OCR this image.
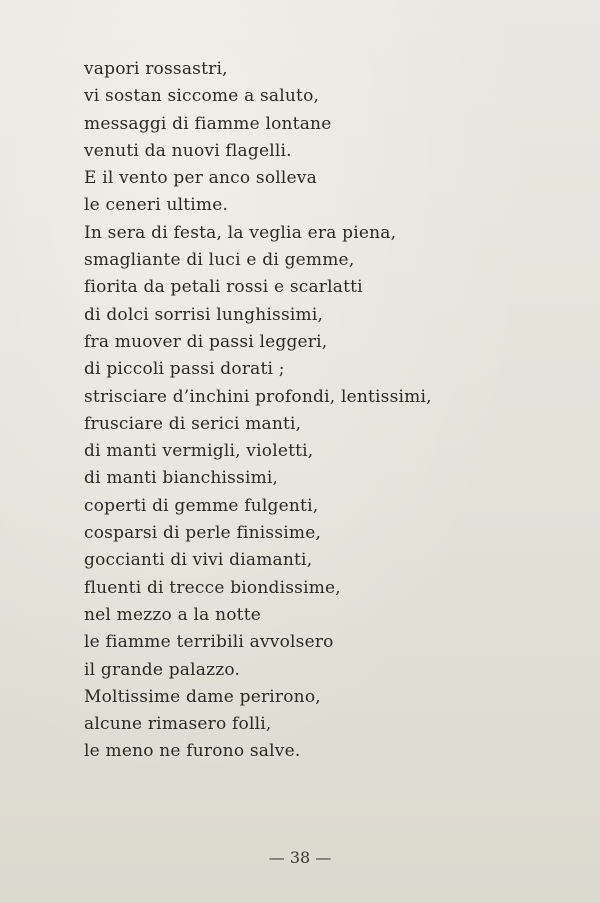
vapori rossastri,
vi sostan siccome a saluto,
messaggi di fiamme lontane
venuti da nuovi flagelli.
E il vento per anco solleva
le ceneri ultime.
In sera di festa, la veglia era piena,
smagliante di luci e di gemme,
fiorita da petali rossi e scarlatti
di dolci sorrisi lunghissimi,
fra muover di passi leggeri,
di piccoli passi dorati ;
strisciare d’inchini profondi, lentissimi,
frusciare di serici manti,
di manti vermigli, violetti,
di manti bianchissimi,
coperti di gemme fulgenti,
cosparsi di perle finissime,
goccianti di vivi diamanti,
fluenti di trecce biondissime,
nel mezzo a la notte
le fiamme terribili avvolsero
il grande palazzo.
Moltissime dame perirono,
alcune rimasero folli,
le meno ne furono salve.
— 38 —
